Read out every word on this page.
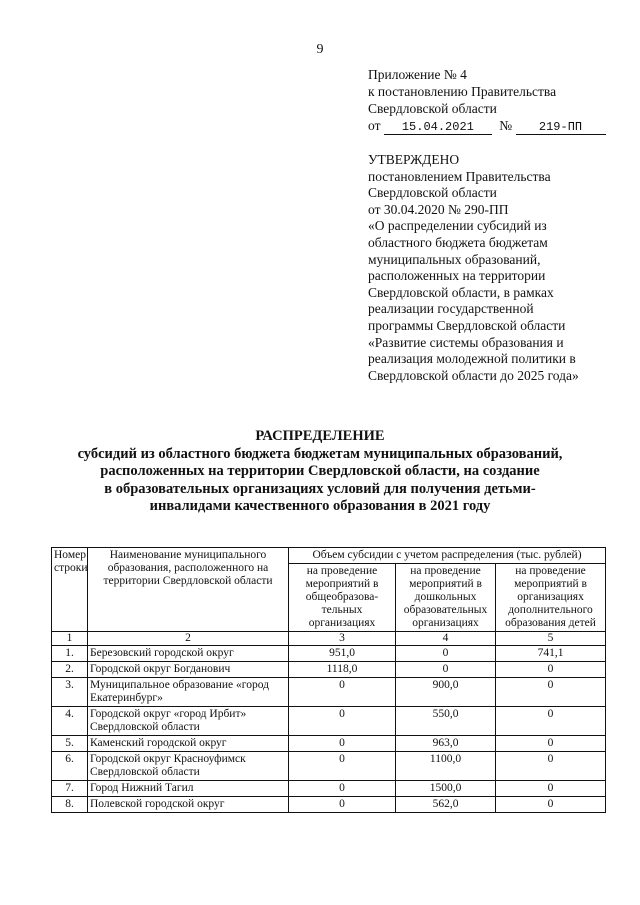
9
Приложение № 4
к постановлению Правительства
Свердловской области
от 15.04.2021 № 219-ПП
УТВЕРЖДЕНО
постановлением Правительства
Свердловской области
от 30.04.2020 № 290-ПП
«О распределении субсидий из
областного бюджета бюджетам
муниципальных образований,
расположенных на территории
Свердловской области, в рамках
реализации государственной
программы Свердловской области
«Развитие системы образования и
реализация молодежной политики в
Свердловской области до 2025 года»
РАСПРЕДЕЛЕНИЕ
субсидий из областного бюджета бюджетам муниципальных образований,
расположенных на территории Свердловской области, на создание
в образовательных организациях условий для получения детьми-
инвалидами качественного образования в 2021 году
Номер строки	Наименование муниципального образования, расположенного на территории Свердловской области	Объем субсидии с учетом распределения (тыс. рублей)		
		на проведение мероприятий в общеобразова-тельных организациях	на проведение мероприятий в дошкольных образовательных организациях	на проведение мероприятий в организациях дополнительного образования детей
1	2	3	4	5
1.	Березовский городской округ	951,0	0	741,1
2.	Городской округ Богданович	1118,0	0	0
3.	Муниципальное образование «город Екатеринбург»	0	900,0	0
4.	Городской округ «город Ирбит» Свердловской области	0	550,0	0
5.	Каменский городской округ	0	963,0	0
6.	Городской округ Красноуфимск Свердловской области	0	1100,0	0
7.	Город Нижний Тагил	0	1500,0	0
8.	Полевской городской округ	0	562,0	0
